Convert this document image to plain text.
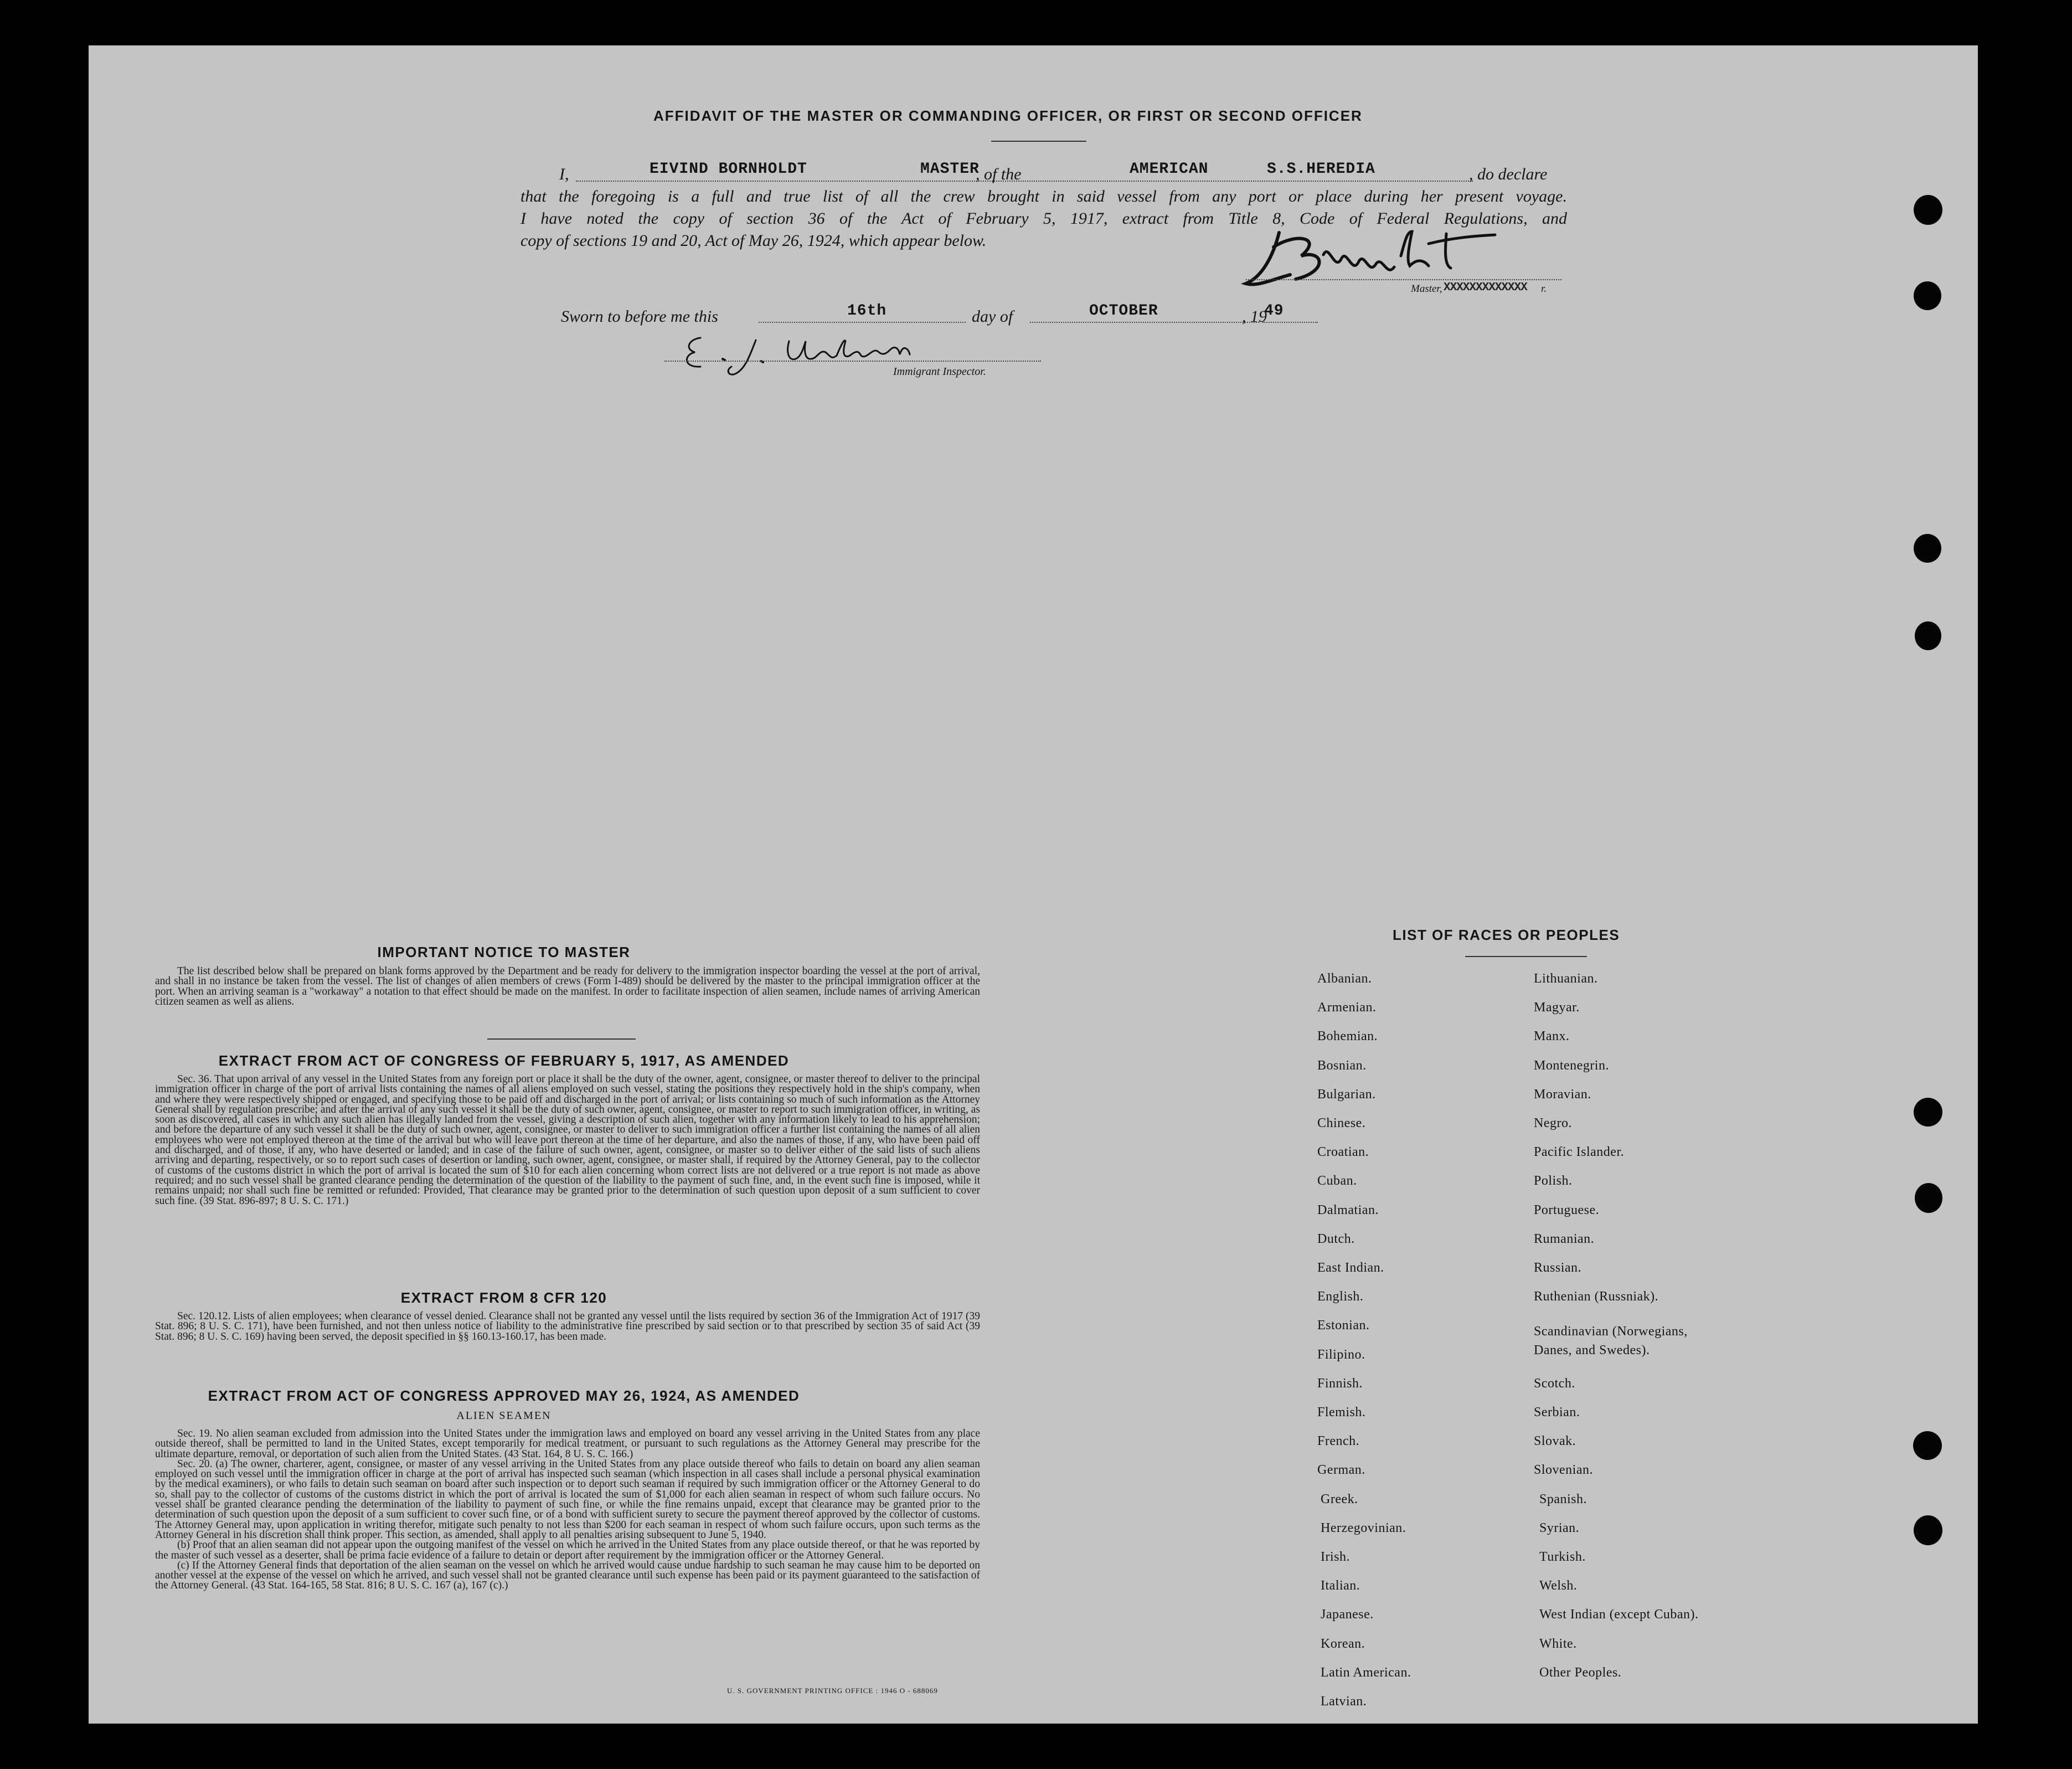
AFFIDAVIT OF THE MASTER OR COMMANDING OFFICER, OR FIRST OR SECOND OFFICER
I,	EIVIND BORNHOLDT	MASTER
, of the	AMERICAN	S.S.HEREDIA	, do declare
that the foregoing is a full and true list of all the crew brought in said vessel from any port or place during her present voyage.
I have noted the copy of section 36 of the Act of February 5, 1917, extract from Title 8, Code of Federal Regulations, and
copy of sections 19 and 20, Act of May 26, 1924, which appear below.
Master, XXXXXXXXXXXXX r.
Sworn to before me this	16th	day of	OCTOBER	, 19
49
Immigrant Inspector.
IMPORTANT NOTICE TO MASTER

The list described below shall be prepared on blank forms approved by the Department and be ready for delivery to the immigration inspector boarding the vessel at the port of arrival, and shall in no instance be taken from the vessel. The list of changes of alien members of crews (Form I-489) should be delivered by the master to the principal immigration officer at the port. When an arriving seaman is a "workaway" a notation to that effect should be made on the manifest. In order to facilitate inspection of alien seamen, include names of arriving American citizen seamen as well as aliens.

EXTRACT FROM ACT OF CONGRESS OF FEBRUARY 5, 1917, AS AMENDED

Sec. 36. That upon arrival of any vessel in the United States from any foreign port or place it shall be the duty of the owner, agent, consignee, or master thereof to deliver to the principal immigration officer in charge of the port of arrival lists containing the names of all aliens employed on such vessel, stating the positions they respectively hold in the ship's company, when and where they were respectively shipped or engaged, and specifying those to be paid off and discharged in the port of arrival; or lists containing so much of such information as the Attorney General shall by regulation prescribe; and after the arrival of any such vessel it shall be the duty of such owner, agent, consignee, or master to report to such immigration officer, in writing, as soon as discovered, all cases in which any such alien has illegally landed from the vessel, giving a description of such alien, together with any information likely to lead to his apprehension; and before the departure of any such vessel it shall be the duty of such owner, agent, consignee, or master to deliver to such immigration officer a further list containing the names of all alien employees who were not employed thereon at the time of the arrival but who will leave port thereon at the time of her departure, and also the names of those, if any, who have been paid off and discharged, and of those, if any, who have deserted or landed; and in case of the failure of such owner, agent, consignee, or master so to deliver either of the said lists of such aliens arriving and departing, respectively, or so to report such cases of desertion or landing, such owner, agent, consignee, or master shall, if required by the Attorney General, pay to the collector of customs of the customs district in which the port of arrival is located the sum of $10 for each alien concerning whom correct lists are not delivered or a true report is not made as above required; and no such vessel shall be granted clearance pending the determination of the question of the liability to the payment of such fine, and, in the event such fine is imposed, while it remains unpaid; nor shall such fine be remitted or refunded: Provided, That clearance may be granted prior to the determination of such question upon deposit of a sum sufficient to cover such fine. (39 Stat. 896-897; 8 U. S. C. 171.)

EXTRACT FROM 8 CFR 120

Sec. 120.12. Lists of alien employees; when clearance of vessel denied. Clearance shall not be granted any vessel until the lists required by section 36 of the Immigration Act of 1917 (39 Stat. 896; 8 U. S. C. 171), have been furnished, and not then unless notice of liability to the administrative fine prescribed by said section or to that prescribed by section 35 of said Act (39 Stat. 896; 8 U. S. C. 169) having been served, the deposit specified in §§ 160.13-160.17, has been made.

EXTRACT FROM ACT OF CONGRESS APPROVED MAY 26, 1924, AS AMENDED
ALIEN SEAMEN

Sec. 19. No alien seaman excluded from admission into the United States under the immigration laws and employed on board any vessel arriving in the United States from any place outside thereof, shall be permitted to land in the United States, except temporarily for medical treatment, or pursuant to such regulations as the Attorney General may prescribe for the ultimate departure, removal, or deportation of such alien from the United States. (43 Stat. 164, 8 U. S. C. 166.)

Sec. 20. (a) The owner, charterer, agent, consignee, or master of any vessel arriving in the United States from any place outside thereof who fails to detain on board any alien seaman employed on such vessel until the immigration officer in charge at the port of arrival has inspected such seaman (which inspection in all cases shall include a personal physical examination by the medical examiners), or who fails to detain such seaman on board after such inspection or to deport such seaman if required by such immigration officer or the Attorney General to do so, shall pay to the collector of customs of the customs district in which the port of arrival is located the sum of $1,000 for each alien seaman in respect of whom such failure occurs. No vessel shall be granted clearance pending the determination of the liability to payment of such fine, or while the fine remains unpaid, except that clearance may be granted prior to the determination of such question upon the deposit of a sum sufficient to cover such fine, or of a bond with sufficient surety to secure the payment thereof approved by the collector of customs. The Attorney General may, upon application in writing therefor, mitigate such penalty to not less than $200 for each seaman in respect of whom such failure occurs, upon such terms as the Attorney General in his discretion shall think proper. This section, as amended, shall apply to all penalties arising subsequent to June 5, 1940.

(b) Proof that an alien seaman did not appear upon the outgoing manifest of the vessel on which he arrived in the United States from any place outside thereof, or that he was reported by the master of such vessel as a deserter, shall be prima facie evidence of a failure to detain or deport after requirement by the immigration officer or the Attorney General.

(c) If the Attorney General finds that deportation of the alien seaman on the vessel on which he arrived would cause undue hardship to such seaman he may cause him to be deported on another vessel at the expense of the vessel on which he arrived, and such vessel shall not be granted clearance until such expense has been paid or its payment guaranteed to the satisfaction of the Attorney General. (43 Stat. 164-165, 58 Stat. 816; 8 U. S. C. 167 (a), 167 (c).)

U. S. GOVERNMENT PRINTING OFFICE : 1946 O - 688069
LIST OF RACES OR PEOPLES
Albanian.
Armenian.
Bohemian.
Bosnian.
Bulgarian.
Chinese.
Croatian.
Cuban.
Dalmatian.
Dutch.
East Indian.
English.
Estonian.
Filipino.
Finnish.
Flemish.
French.
German.
Greek.
Herzegovinian.
Irish.
Italian.
Japanese.
Korean.
Latin American.
Latvian.
Lithuanian.
Magyar.
Manx.
Montenegrin.
Moravian.
Negro.
Pacific Islander.
Polish.
Portuguese.
Rumanian.
Russian.
Ruthenian (Russniak).
Scandinavian (Norwegians,
Danes, and Swedes).
Scotch.
Serbian.
Slovak.
Slovenian.
Spanish.
Syrian.
Turkish.
Welsh.
West Indian (except Cuban).
White.
Other Peoples.
